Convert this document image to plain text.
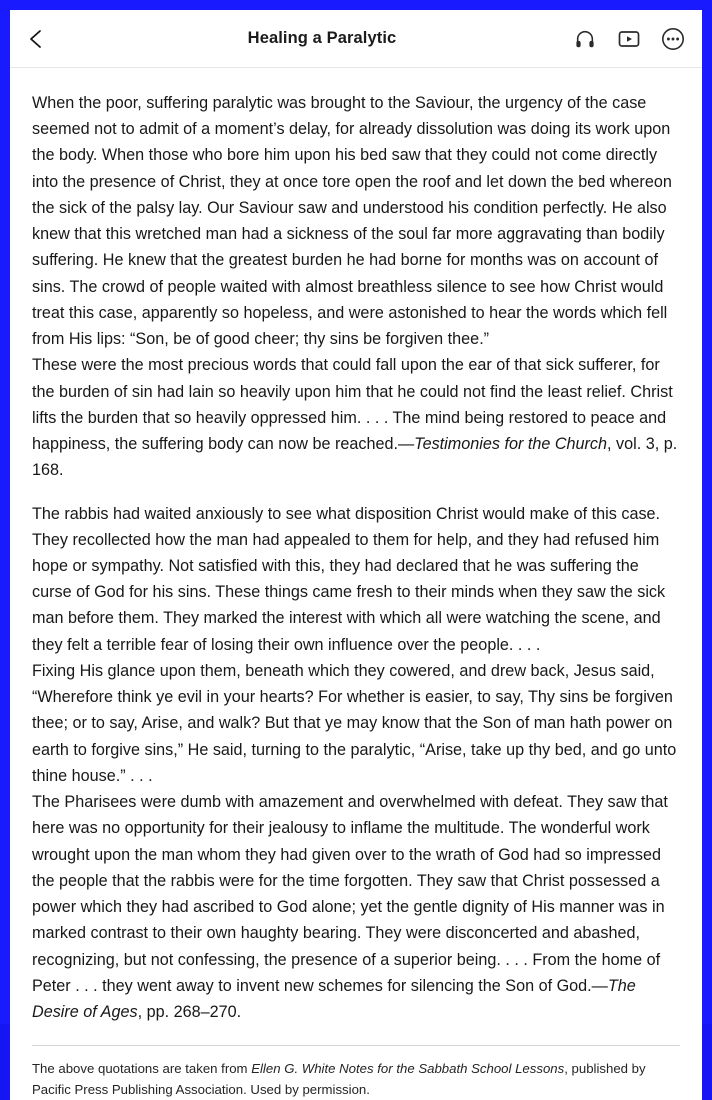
Healing a Paralytic

When the poor, suffering paralytic was brought to the Saviour, the urgency of the case seemed not to admit of a moment’s delay, for already dissolution was doing its work upon the body. When those who bore him upon his bed saw that they could not come directly into the presence of Christ, they at once tore open the roof and let down the bed whereon the sick of the palsy lay. Our Saviour saw and understood his condition perfectly. He also knew that this wretched man had a sickness of the soul far more aggravating than bodily suffering. He knew that the greatest burden he had borne for months was on account of sins. The crowd of people waited with almost breathless silence to see how Christ would treat this case, apparently so hopeless, and were astonished to hear the words which fell from His lips: “Son, be of good cheer; thy sins be forgiven thee.”

These were the most precious words that could fall upon the ear of that sick sufferer, for the burden of sin had lain so heavily upon him that he could not find the least relief. Christ lifts the burden that so heavily oppressed him. . . . The mind being restored to peace and happiness, the suffering body can now be reached.—Testimonies for the Church, vol. 3, p. 168.

The rabbis had waited anxiously to see what disposition Christ would make of this case. They recollected how the man had appealed to them for help, and they had refused him hope or sympathy. Not satisfied with this, they had declared that he was suffering the curse of God for his sins. These things came fresh to their minds when they saw the sick man before them. They marked the interest with which all were watching the scene, and they felt a terrible fear of losing their own influence over the people. . . .

Fixing His glance upon them, beneath which they cowered, and drew back, Jesus said, “Wherefore think ye evil in your hearts? For whether is easier, to say, Thy sins be forgiven thee; or to say, Arise, and walk? But that ye may know that the Son of man hath power on earth to forgive sins,” He said, turning to the paralytic, “Arise, take up thy bed, and go unto thine house.” . . .

The Pharisees were dumb with amazement and overwhelmed with defeat. They saw that here was no opportunity for their jealousy to inflame the multitude. The wonderful work wrought upon the man whom they had given over to the wrath of God had so impressed the people that the rabbis were for the time forgotten. They saw that Christ possessed a power which they had ascribed to God alone; yet the gentle dignity of His manner was in marked contrast to their own haughty bearing. They were disconcerted and abashed, recognizing, but not confessing, the presence of a superior being. . . . From the home of Peter . . . they went away to invent new schemes for silencing the Son of God.—The Desire of Ages, pp. 268–270.

The above quotations are taken from Ellen G. White Notes for the Sabbath School Lessons, published by Pacific Press Publishing Association. Used by permission.
